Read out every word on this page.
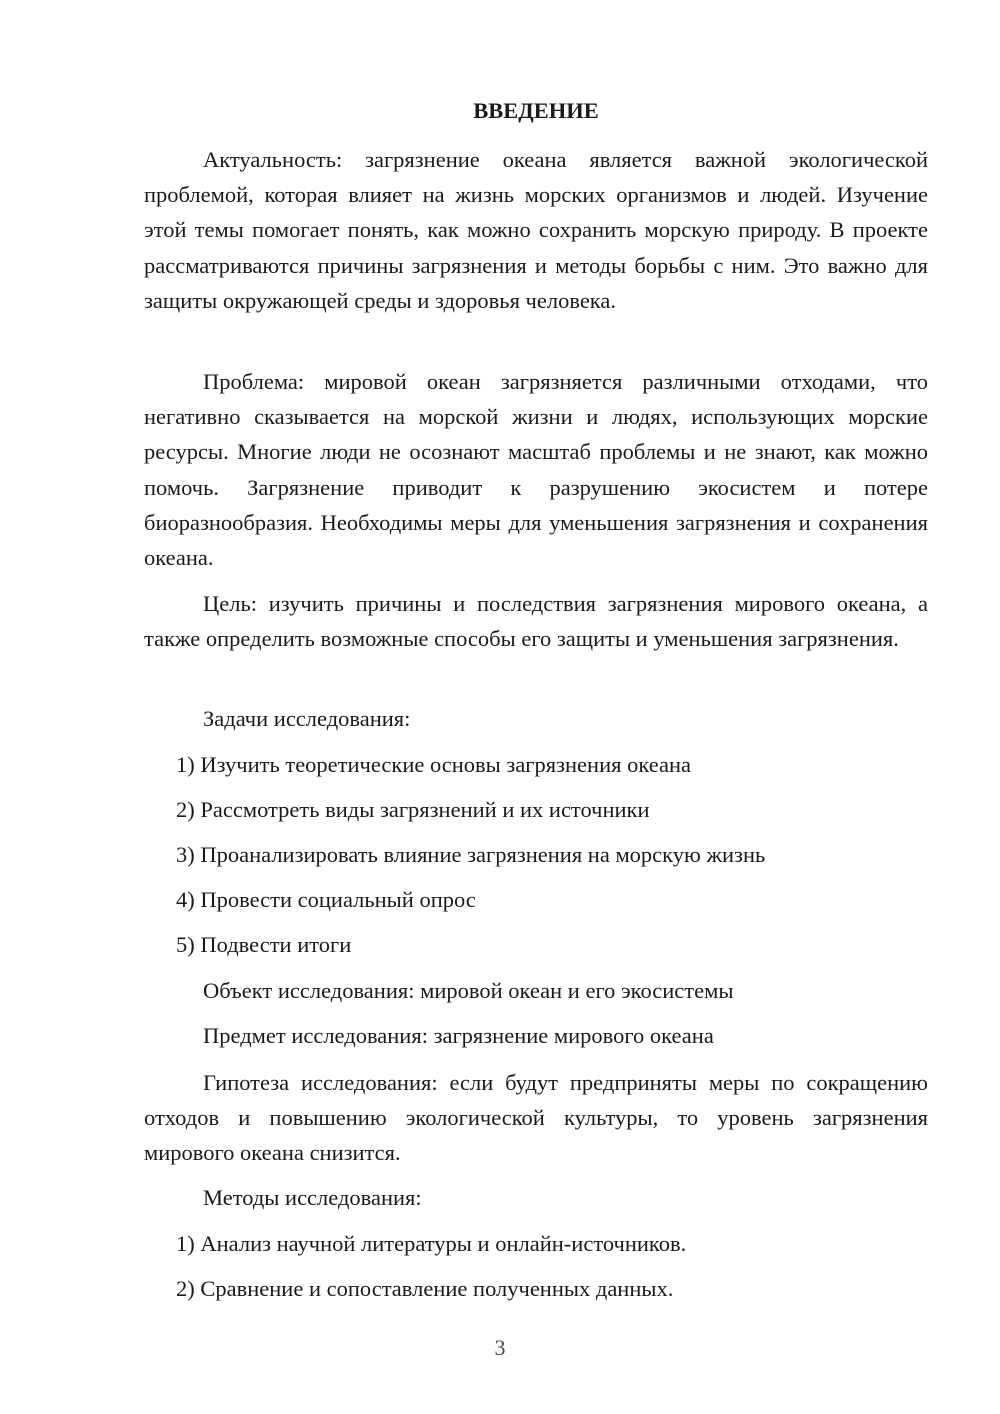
ВВЕДЕНИЕ

Актуальность: загрязнение океана является важной экологической проблемой, которая влияет на жизнь морских организмов и людей. Изучение этой темы помогает понять, как можно сохранить морскую природу. В проекте рассматриваются причины загрязнения и методы борьбы с ним. Это важно для защиты окружающей среды и здоровья человека.

Проблема: мировой океан загрязняется различными отходами, что негативно сказывается на морской жизни и людях, использующих морские ресурсы. Многие люди не осознают масштаб проблемы и не знают, как можно помочь. Загрязнение приводит к разрушению экосистем и потере биоразнообразия. Необходимы меры для уменьшения загрязнения и сохранения океана.

Цель: изучить причины и последствия загрязнения мирового океана, а также определить возможные способы его защиты и уменьшения загрязнения.

Задачи исследования:
1) Изучить теоретические основы загрязнения океана
2) Рассмотреть виды загрязнений и их источники
3) Проанализировать влияние загрязнения на морскую жизнь
4) Провести социальный опрос
5) Подвести итоги
Объект исследования: мировой океан и его экосистемы
Предмет исследования: загрязнение мирового океана

Гипотеза исследования: если будут предприняты меры по сокращению отходов и повышению экологической культуры, то уровень загрязнения мирового океана снизится.

Методы исследования:
1) Анализ научной литературы и онлайн-источников.
2) Сравнение и сопоставление полученных данных.
3
